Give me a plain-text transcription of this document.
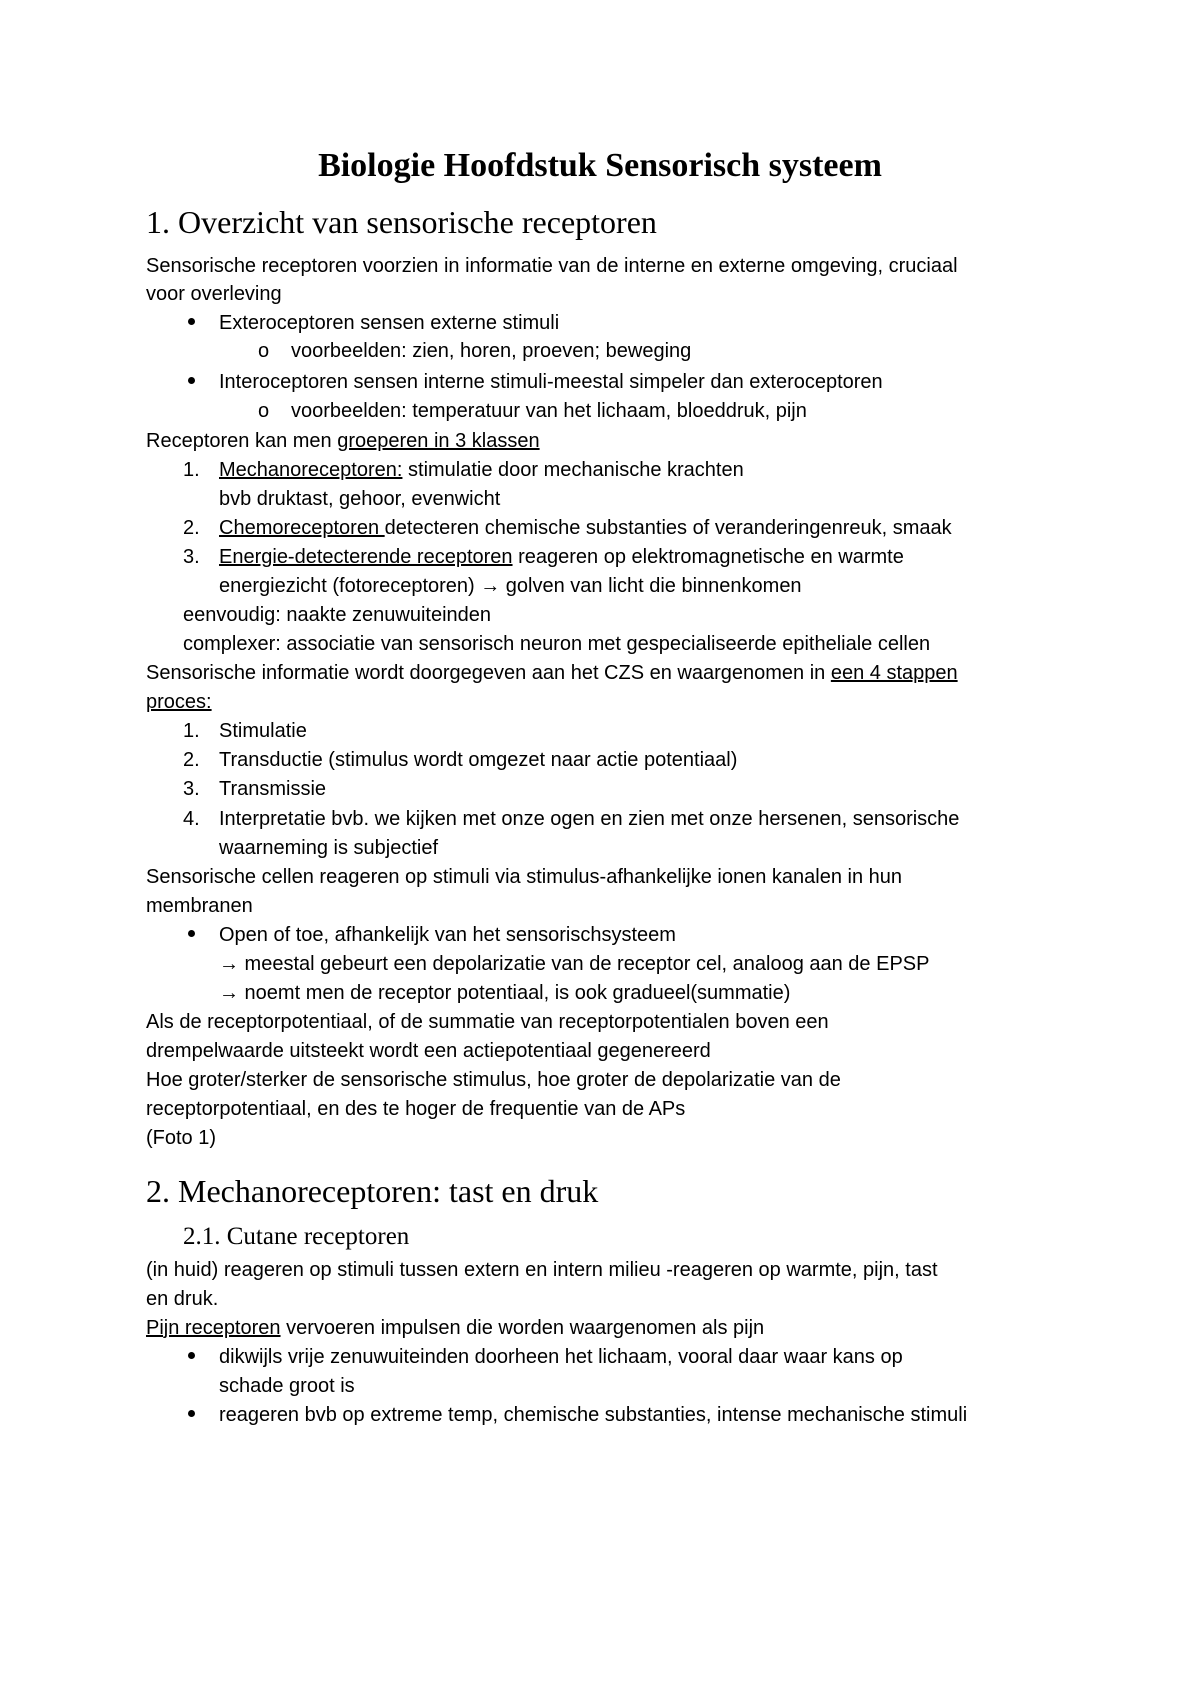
Biologie Hoofdstuk Sensorisch systeem
1. Overzicht van sensorische receptoren
Sensorische receptoren voorzien in informatie van de interne en externe omgeving, cruciaal
voor overleving
Exteroceptoren sensen externe stimuli
o voorbeelden: zien, horen, proeven; beweging
Interoceptoren sensen interne stimuli-meestal simpeler dan exteroceptoren
o voorbeelden: temperatuur van het lichaam, bloeddruk, pijn
Receptoren kan men groeperen in 3 klassen
1. Mechanoreceptoren: stimulatie door mechanische krachten
bvb druktast, gehoor, evenwicht
2. Chemoreceptoren detecteren chemische substanties of veranderingenreuk, smaak
3. Energie-detecterende receptoren reageren op elektromagnetische en warmte
energiezicht (fotoreceptoren) → golven van licht die binnenkomen
eenvoudig: naakte zenuwuiteinden
complexer: associatie van sensorisch neuron met gespecialiseerde epitheliale cellen
Sensorische informatie wordt doorgegeven aan het CZS en waargenomen in een 4 stappen
proces:
1. Stimulatie
2. Transductie (stimulus wordt omgezet naar actie potentiaal)
3. Transmissie
4. Interpretatie bvb. we kijken met onze ogen en zien met onze hersenen, sensorische
waarneming is subjectief
Sensorische cellen reageren op stimuli via stimulus-afhankelijke ionen kanalen in hun
membranen
Open of toe, afhankelijk van het sensorischsysteem
→ meestal gebeurt een depolarizatie van de receptor cel, analoog aan de EPSP
→ noemt men de receptor potentiaal, is ook gradueel(summatie)
Als de receptorpotentiaal, of de summatie van receptorpotentialen boven een
drempelwaarde uitsteekt wordt een actiepotentiaal gegenereerd
Hoe groter/sterker de sensorische stimulus, hoe groter de depolarizatie van de
receptorpotentiaal, en des te hoger de frequentie van de APs
(Foto 1)
2. Mechanoreceptoren: tast en druk
2.1. Cutane receptoren
(in huid) reageren op stimuli tussen extern en intern milieu -reageren op warmte, pijn, tast
en druk.
Pijn receptoren vervoeren impulsen die worden waargenomen als pijn
dikwijls vrije zenuwuiteinden doorheen het lichaam, vooral daar waar kans op
schade groot is
reageren bvb op extreme temp, chemische substanties, intense mechanische stimuli
